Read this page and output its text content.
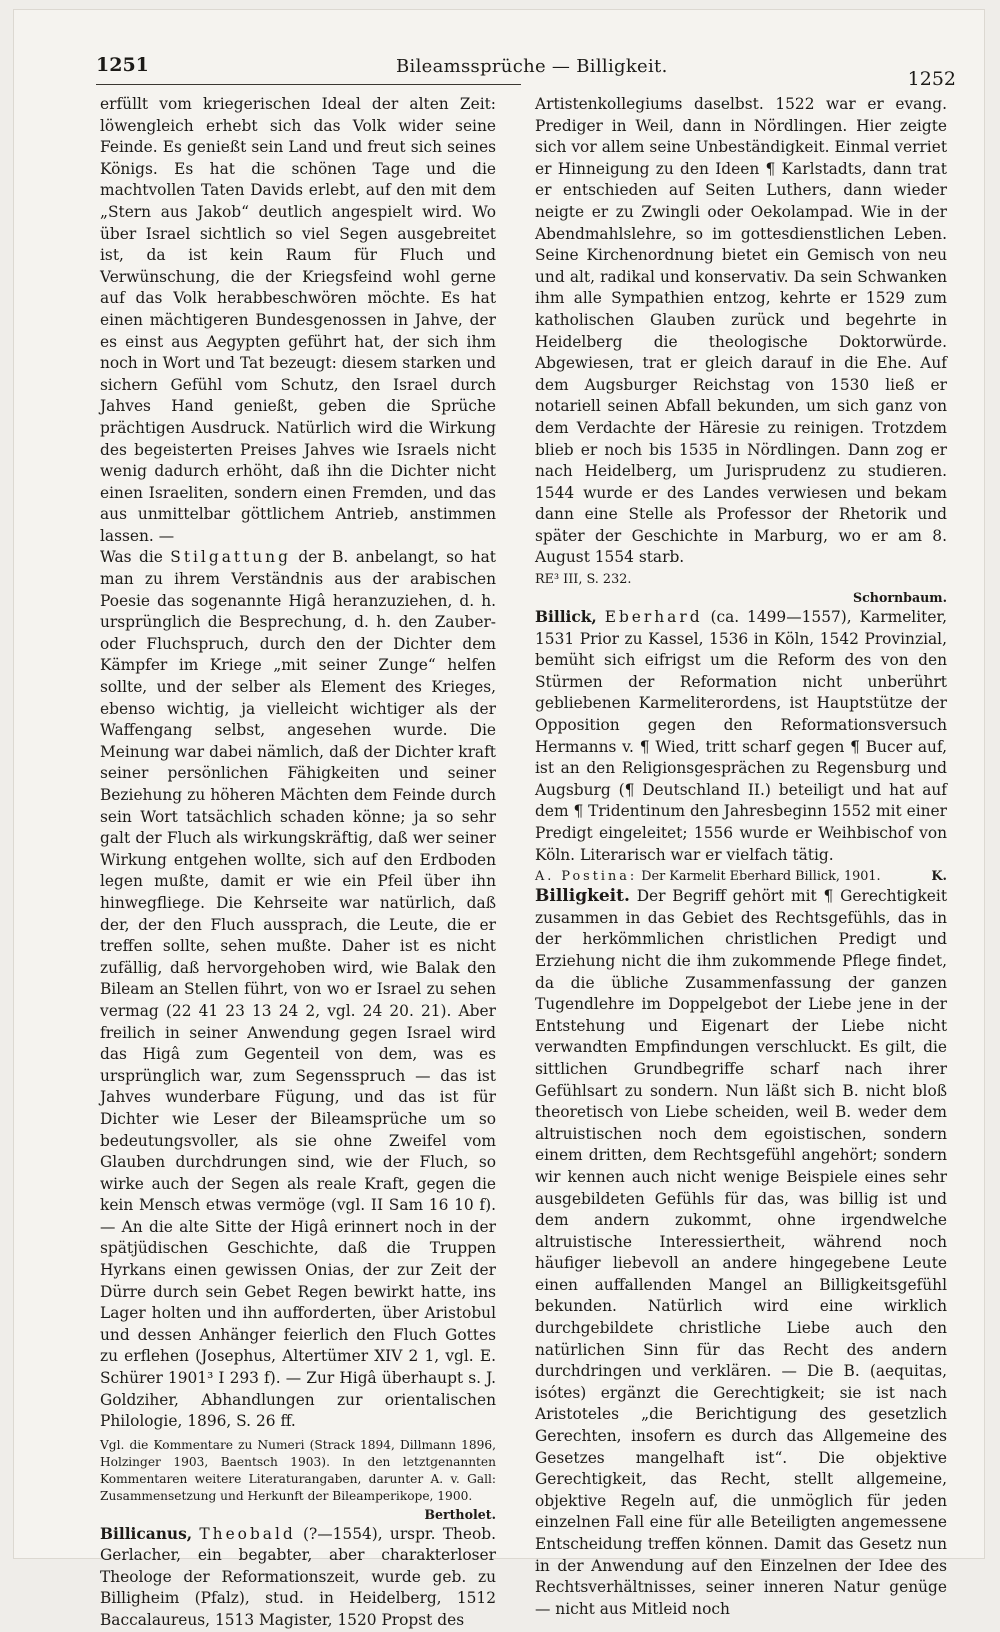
1251	Bileamssprüche — Billigkeit.
1252

erfüllt vom kriegerischen Ideal der alten Zeit: löwengleich erhebt sich das Volk wider seine Feinde. Es genießt sein Land und freut sich seines Königs. Es hat die schönen Tage und die machtvollen Taten Davids erlebt, auf den mit dem „Stern aus Jakob“ deutlich angespielt wird. Wo über Israel sichtlich so viel Segen ausgebreitet ist, da ist kein Raum für Fluch und Verwünschung, die der Kriegsfeind wohl gerne auf das Volk herabbeschwören möchte. Es hat einen mächtigeren Bundesgenossen in Jahve, der es einst aus Aegypten geführt hat, der sich ihm noch in Wort und Tat bezeugt: diesem starken und sichern Gefühl vom Schutz, den Israel durch Jahves Hand genießt, geben die Sprüche prächtigen Ausdruck. Natürlich wird die Wirkung des begeisterten Preises Jahves wie Israels nicht wenig dadurch erhöht, daß ihn die Dichter nicht einen Israeliten, sondern einen Fremden, und das aus unmittelbar göttlichem Antrieb, anstimmen lassen. —

Was die Stilgattung der B. anbelangt, so hat man zu ihrem Verständnis aus der arabischen Poesie das sogenannte Higâ heranzuziehen, d. h. ursprünglich die Besprechung, d. h. den Zauber- oder Fluchspruch, durch den der Dichter dem Kämpfer im Kriege „mit seiner Zunge“ helfen sollte, und der selber als Element des Krieges, ebenso wichtig, ja vielleicht wichtiger als der Waffengang selbst, angesehen wurde. Die Meinung war dabei nämlich, daß der Dichter kraft seiner persönlichen Fähigkeiten und seiner Beziehung zu höheren Mächten dem Feinde durch sein Wort tatsächlich schaden könne; ja so sehr galt der Fluch als wirkungskräftig, daß wer seiner Wirkung entgehen wollte, sich auf den Erdboden legen mußte, damit er wie ein Pfeil über ihn hinwegfliege. Die Kehrseite war natürlich, daß der, der den Fluch aussprach, die Leute, die er treffen sollte, sehen mußte. Daher ist es nicht zufällig, daß hervorgehoben wird, wie Balak den Bileam an Stellen führt, von wo er Israel zu sehen vermag (22 41 23 13 24 2, vgl. 24 20. 21). Aber freilich in seiner Anwendung gegen Israel wird das Higâ zum Gegenteil von dem, was es ursprünglich war, zum Segensspruch — das ist Jahves wunderbare Fügung, und das ist für Dichter wie Leser der Bileamsprüche um so bedeutungsvoller, als sie ohne Zweifel vom Glauben durchdrungen sind, wie der Fluch, so wirke auch der Segen als reale Kraft, gegen die kein Mensch etwas vermöge (vgl. II Sam 16 10 f). — An die alte Sitte der Higâ erinnert noch in der spätjüdischen Geschichte, daß die Truppen Hyrkans einen gewissen Onias, der zur Zeit der Dürre durch sein Gebet Regen bewirkt hatte, ins Lager holten und ihn aufforderten, über Aristobul und dessen Anhänger feierlich den Fluch Gottes zu erflehen (Josephus, Altertümer XIV 2 1, vgl. E. Schürer 1901³ I 293 f). — Zur Higâ überhaupt s. J. Goldziher, Abhandlungen zur orientalischen Philologie, 1896, S. 26 ff.

Vgl. die Kommentare zu Numeri (Strack 1894, Dillmann 1896, Holzinger 1903, Baentsch 1903). In den letztgenannten Kommentaren weitere Literaturangaben, darunter A. v. Gall: Zusammensetzung und Herkunft der Bileamperikope, 1900.

Bertholet.

Billicanus, Theobald (?—1554), urspr. Theob. Gerlacher, ein begabter, aber charakterloser Theologe der Reformationszeit, wurde geb. zu Billigheim (Pfalz), stud. in Heidelberg, 1512 Baccalaureus, 1513 Magister, 1520 Propst des

Artistenkollegiums daselbst. 1522 war er evang. Prediger in Weil, dann in Nördlingen. Hier zeigte sich vor allem seine Unbeständigkeit. Einmal verriet er Hinneigung zu den Ideen ¶ Karlstadts, dann trat er entschieden auf Seiten Luthers, dann wieder neigte er zu Zwingli oder Oekolampad. Wie in der Abendmahlslehre, so im gottesdienstlichen Leben. Seine Kirchenordnung bietet ein Gemisch von neu und alt, radikal und konservativ. Da sein Schwanken ihm alle Sympathien entzog, kehrte er 1529 zum katholischen Glauben zurück und begehrte in Heidelberg die theologische Doktorwürde. Abgewiesen, trat er gleich darauf in die Ehe. Auf dem Augsburger Reichstag von 1530 ließ er notariell seinen Abfall bekunden, um sich ganz von dem Verdachte der Häresie zu reinigen. Trotzdem blieb er noch bis 1535 in Nördlingen. Dann zog er nach Heidelberg, um Jurisprudenz zu studieren. 1544 wurde er des Landes verwiesen und bekam dann eine Stelle als Professor der Rhetorik und später der Geschichte in Marburg, wo er am 8. August 1554 starb.

RE³ III, S. 232.

Schornbaum.

Billick, Eberhard (ca. 1499—1557), Karmeliter, 1531 Prior zu Kassel, 1536 in Köln, 1542 Provinzial, bemüht sich eifrigst um die Reform des von den Stürmen der Reformation nicht unberührt gebliebenen Karmeliterordens, ist Hauptstütze der Opposition gegen den Reformationsversuch Hermanns v. ¶ Wied, tritt scharf gegen ¶ Bucer auf, ist an den Religionsgesprächen zu Regensburg und Augsburg (¶ Deutschland II.) beteiligt und hat auf dem ¶ Tridentinum den Jahresbeginn 1552 mit einer Predigt eingeleitet; 1556 wurde er Weihbischof von Köln. Literarisch war er vielfach tätig.

A. Postina: Der Karmelit Eberhard Billick, 1901.	K.

Billigkeit. Der Begriff gehört mit ¶ Gerechtigkeit zusammen in das Gebiet des Rechtsgefühls, das in der herkömmlichen christlichen Predigt und Erziehung nicht die ihm zukommende Pflege findet, da die übliche Zusammenfassung der ganzen Tugendlehre im Doppelgebot der Liebe jene in der Entstehung und Eigenart der Liebe nicht verwandten Empfindungen verschluckt. Es gilt, die sittlichen Grundbegriffe scharf nach ihrer Gefühlsart zu sondern. Nun läßt sich B. nicht bloß theoretisch von Liebe scheiden, weil B. weder dem altruistischen noch dem egoistischen, sondern einem dritten, dem Rechtsgefühl angehört; sondern wir kennen auch nicht wenige Beispiele eines sehr ausgebildeten Gefühls für das, was billig ist und dem andern zukommt, ohne irgendwelche altruistische Interessiertheit, während noch häufiger liebevoll an andere hingegebene Leute einen auffallenden Mangel an Billigkeitsgefühl bekunden. Natürlich wird eine wirklich durchgebildete christliche Liebe auch den natürlichen Sinn für das Recht des andern durchdringen und verklären. — Die B. (aequitas, isótes) ergänzt die Gerechtigkeit; sie ist nach Aristoteles „die Berichtigung des gesetzlich Gerechten, insofern es durch das Allgemeine des Gesetzes mangelhaft ist“. Die objektive Gerechtigkeit, das Recht, stellt allgemeine, objektive Regeln auf, die unmöglich für jeden einzelnen Fall eine für alle Beteiligten angemessene Entscheidung treffen können. Damit das Gesetz nun in der Anwendung auf den Einzelnen der Idee des Rechtsverhältnisses, seiner inneren Natur genüge — nicht aus Mitleid noch
